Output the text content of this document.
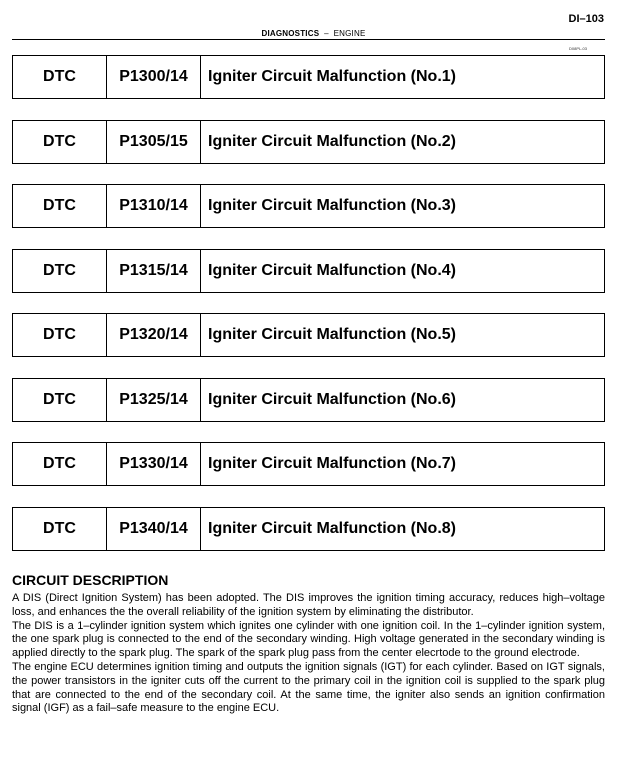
DI–103
DIAGNOSTICS – ENGINE
D08PL-03
DTC	P1300/14	Igniter Circuit Malfunction (No.1)
DTC	P1305/15	Igniter Circuit Malfunction (No.2)
DTC	P1310/14	Igniter Circuit Malfunction (No.3)
DTC	P1315/14	Igniter Circuit Malfunction (No.4)
DTC	P1320/14	Igniter Circuit Malfunction (No.5)
DTC	P1325/14	Igniter Circuit Malfunction (No.6)
DTC	P1330/14	Igniter Circuit Malfunction (No.7)
DTC	P1340/14	Igniter Circuit Malfunction (No.8)
CIRCUIT DESCRIPTION

A DIS (Direct Ignition System) has been adopted. The DIS improves the ignition timing accuracy, reduces high–voltage loss, and enhances the the overall reliability of the ignition system by eliminating the distributor.

The DIS is a 1–cylinder ignition system which ignites one cylinder with one ignition coil. In the 1–cylinder ignition system, the one spark plug is connected to the end of the secondary winding. High voltage generated in the secondary winding is applied directly to the spark plug. The spark of the spark plug pass from the center elecrtode to the ground electrode.

The engine ECU determines ignition timing and outputs the ignition signals (IGT) for each cylinder. Based on IGT signals, the power transistors in the igniter cuts off the current to the primary coil in the ignition coil is supplied to the spark plug that are connected to the end of the secondary coil. At the same time, the igniter also sends an ignition confirmation signal (IGF) as a fail–safe measure to the engine ECU.
